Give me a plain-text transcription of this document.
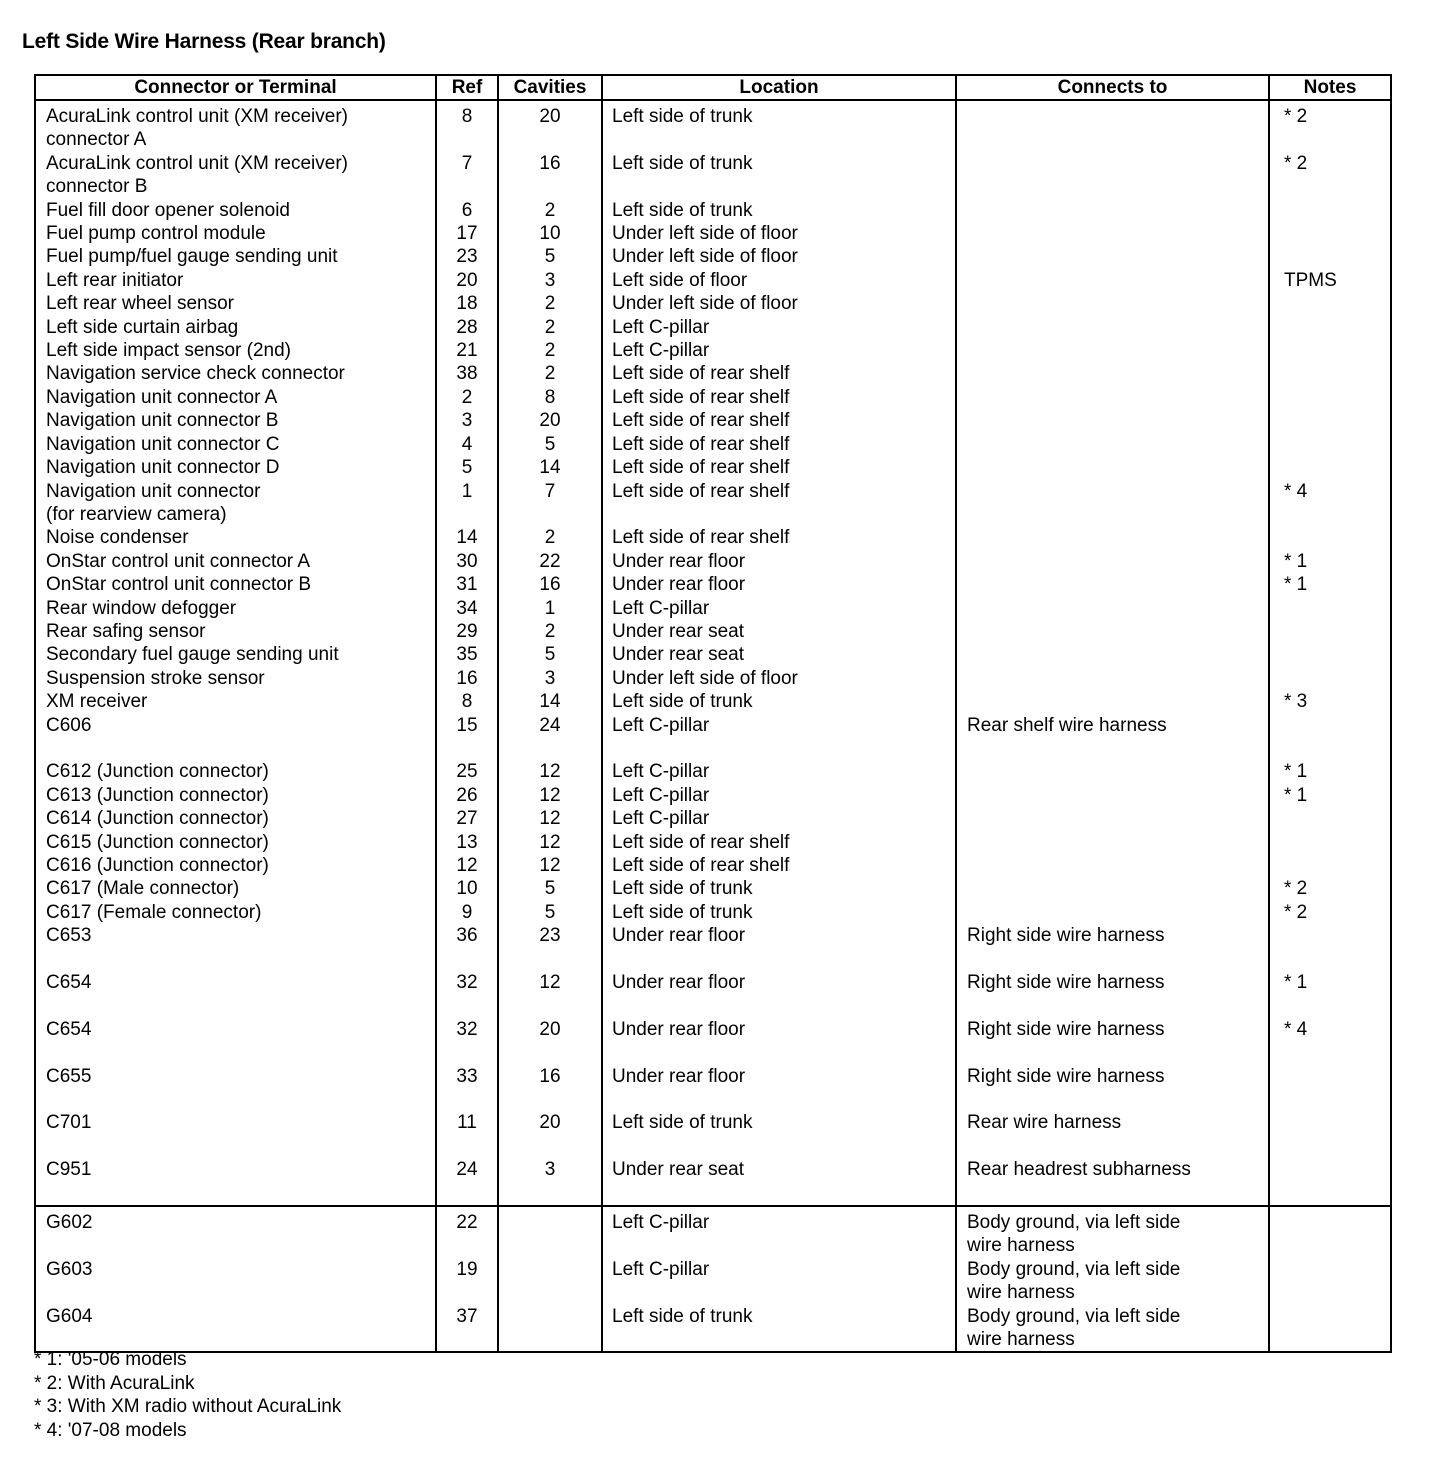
Left Side Wire Harness (Rear branch)
Connector or Terminal	Ref	Cavities	Location	Connects to	Notes

AcuraLink control unit (XM receiver)
connector A	8	20	Left side of trunk		* 2

AcuraLink control unit (XM receiver)
connector B	7	16	Left side of trunk		* 2

Fuel fill door opener solenoid	6	2	Left side of trunk		

Fuel pump control module	17	10	Under left side of floor		

Fuel pump/fuel gauge sending unit	23	5	Under left side of floor		

Left rear initiator	20	3	Left side of floor		TPMS

Left rear wheel sensor	18	2	Under left side of floor		

Left side curtain airbag	28	2	Left C-pillar		

Left side impact sensor (2nd)	21	2	Left C-pillar		

Navigation service check connector	38	2	Left side of rear shelf		

Navigation unit connector A	2	8	Left side of rear shelf		

Navigation unit connector B	3	20	Left side of rear shelf		

Navigation unit connector C	4	5	Left side of rear shelf		

Navigation unit connector D	5	14	Left side of rear shelf		

Navigation unit connector
(for rearview camera)	1	7	Left side of rear shelf		* 4

Noise condenser	14	2	Left side of rear shelf		

OnStar control unit connector A	30	22	Under rear floor		* 1

OnStar control unit connector B	31	16	Under rear floor		* 1

Rear window defogger	34	1	Left C-pillar		

Rear safing sensor	29	2	Under rear seat		

Secondary fuel gauge sending unit	35	5	Under rear seat		

Suspension stroke sensor	16	3	Under left side of floor		

XM receiver	8	14	Left side of trunk		* 3

C606	15	24	Left C-pillar	Rear shelf wire harness	

C612 (Junction connector)	25	12	Left C-pillar		* 1

C613 (Junction connector)	26	12	Left C-pillar		* 1

C614 (Junction connector)	27	12	Left C-pillar		

C615 (Junction connector)	13	12	Left side of rear shelf		

C616 (Junction connector)	12	12	Left side of rear shelf		

C617 (Male connector)	10	5	Left side of trunk		* 2

C617 (Female connector)	9	5	Left side of trunk		* 2

C653	36	23	Under rear floor	Right side wire harness	

C654	32	12	Under rear floor	Right side wire harness	* 1

C654	32	20	Under rear floor	Right side wire harness	* 4

C655	33	16	Under rear floor	Right side wire harness	

C701	11	20	Left side of trunk	Rear wire harness	

C951	24	3	Under rear seat	Rear headrest subharness	

G602	22		Left C-pillar	Body ground, via left side
wire harness	

G603	19		Left C-pillar	Body ground, via left side
wire harness	

G604	37		Left side of trunk	Body ground, via left side
wire harness	

* 1: '05-06 models
* 2: With AcuraLink
* 3: With XM radio without AcuraLink
* 4: '07-08 models
